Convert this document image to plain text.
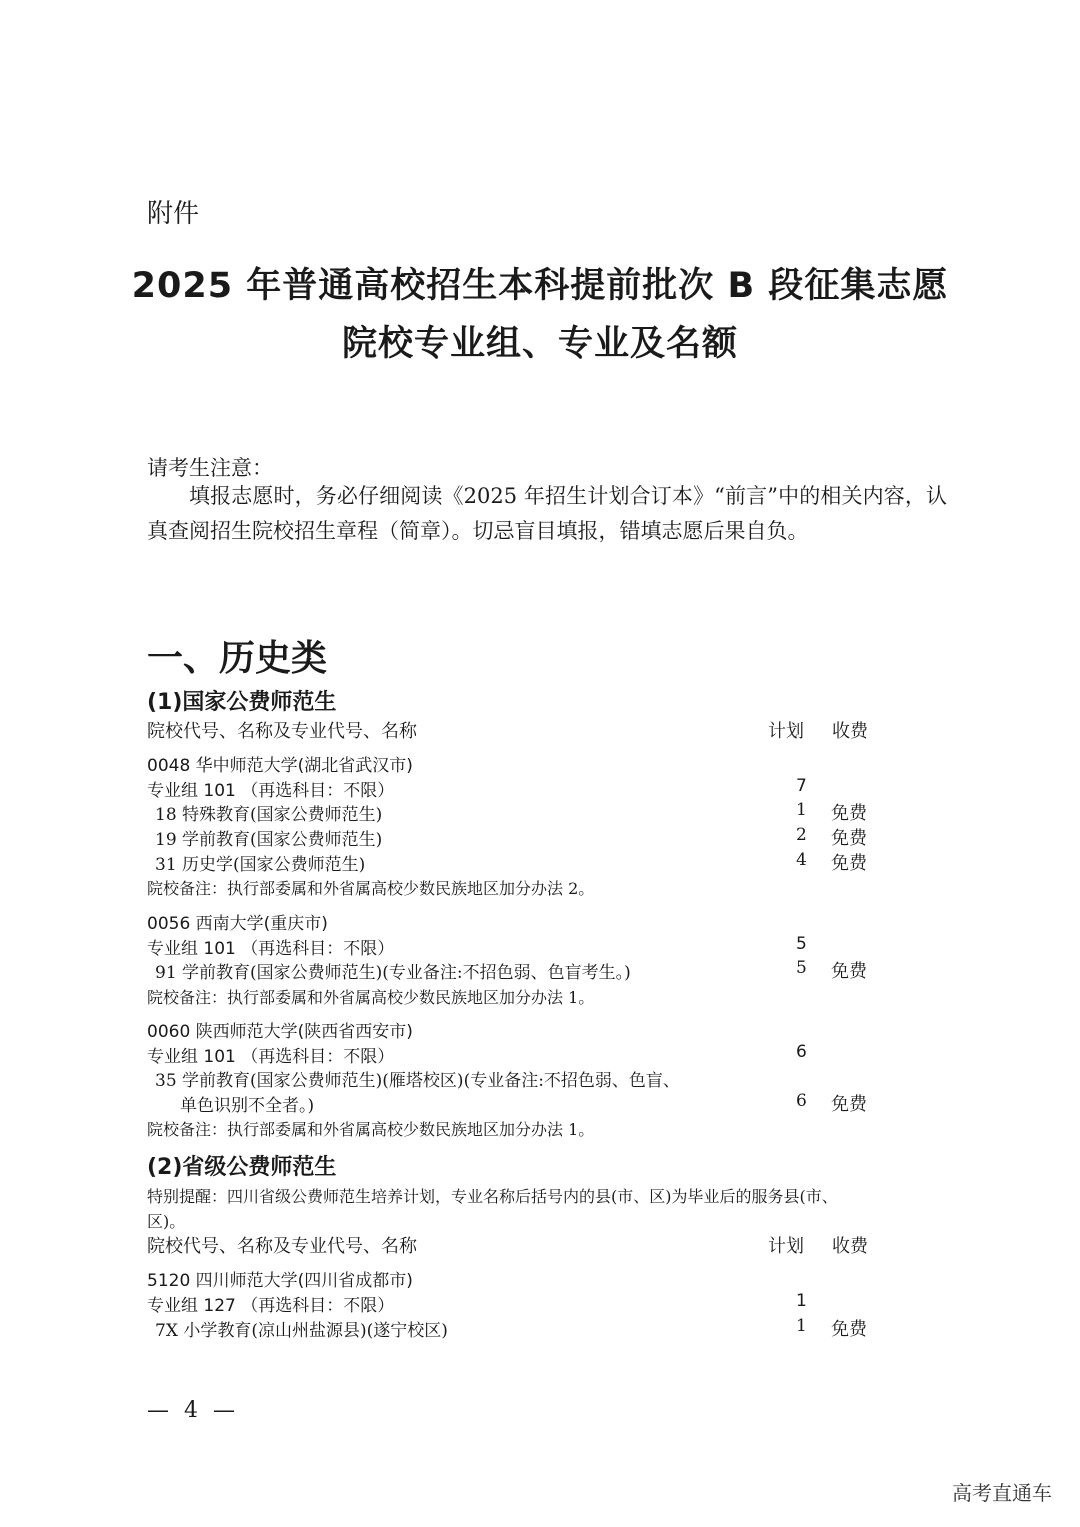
附件
2025 年普通高校招生本科提前批次 B 段征集志愿
院校专业组、专业及名额
请考生注意：
填报志愿时，务必仔细阅读《2025 年招生计划合订本》“前言”中的相关内容，认真查阅招生院校招生章程（简章）。切忌盲目填报，错填志愿后果自负。
一、历史类
(1)国家公费师范生
院校代号、名称及专业代号、名称	计划 收费
0048 华中师范大学(湖北省武汉市)
专业组 101 （再选科目：不限）	7
18 特殊教育(国家公费师范生)	1 免费
19 学前教育(国家公费师范生)	2 免费
31 历史学(国家公费师范生)	4 免费
院校备注：执行部委属和外省属高校少数民族地区加分办法 2。
0056 西南大学(重庆市)
专业组 101 （再选科目：不限）	5
91 学前教育(国家公费师范生)(专业备注:不招色弱、色盲考生。)	5 免费
院校备注：执行部委属和外省属高校少数民族地区加分办法 1。
0060 陕西师范大学(陕西省西安市)
专业组 101 （再选科目：不限）	6
35 学前教育(国家公费师范生)(雁塔校区)(专业备注:不招色弱、色盲、
单色识别不全者。)	6 免费
院校备注：执行部委属和外省属高校少数民族地区加分办法 1。
(2)省级公费师范生
特别提醒：四川省级公费师范生培养计划，专业名称后括号内的县(市、区)为毕业后的服务县(市、
区)。
院校代号、名称及专业代号、名称	计划 收费
5120 四川师范大学(四川省成都市)
专业组 127 （再选科目：不限）	1
7X 小学教育(凉山州盐源县)(遂宁校区)	1 免费
— 4 —
高考直通车
